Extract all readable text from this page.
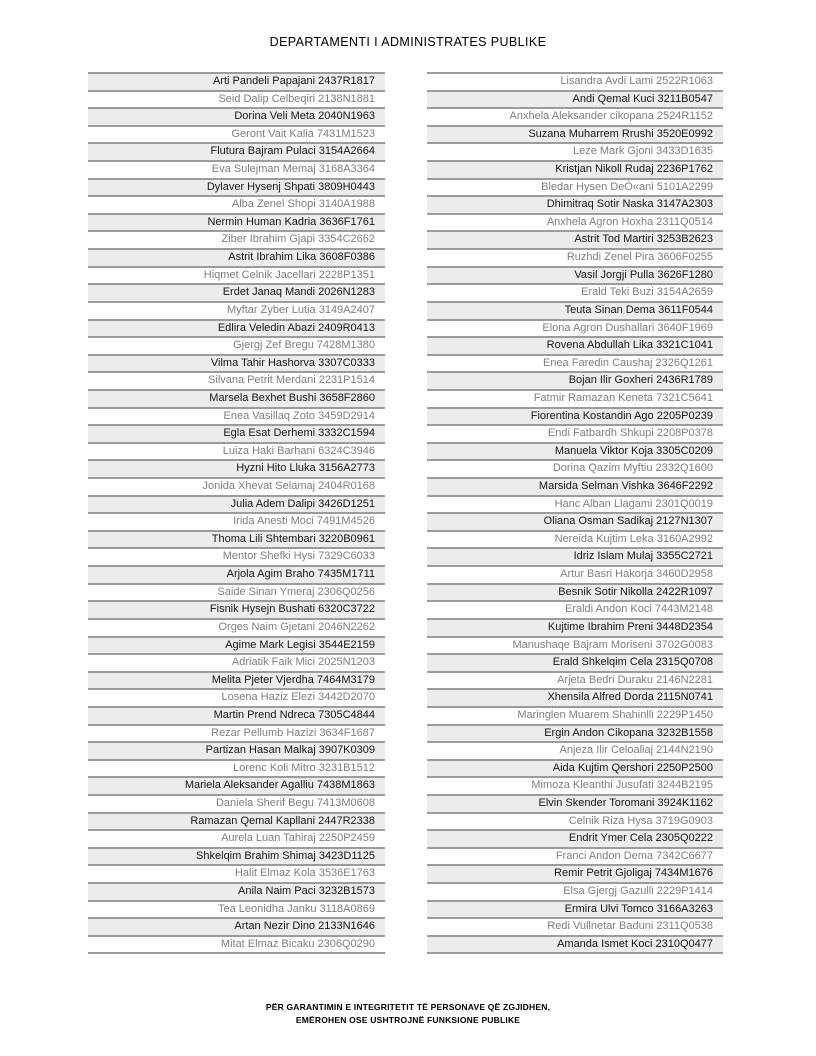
DEPARTAMENTI I ADMINISTRATES PUBLIKE
Arti Pandeli Papajani 2437R1817
Seid Dalip Celbeqiri 2138N1881
Dorina Veli Meta 2040N1963
Geront Vait Kalia 7431M1523
Flutura Bajram Pulaci 3154A2664
Eva Sulejman Memaj 3168A3364
Dylaver Hysenj Shpati 3809H0443
Alba Zenel Shopi 3140A1988
Nermin Human Kadria 3636F1761
Ziber Ibrahim Gjapi 3354C2662
Astrit Ibrahim Lika 3608F0386
Hiqmet Celnik Jacellari 2228P1351
Erdet Janaq Mandi 2026N1283
Myftar Zyber Lutia 3149A2407
Edlira Veledin Abazi 2409R0413
Gjergj Zef Bregu 7428M1380
Vilma Tahir Hashorva 3307C0333
Silvana Petrit Merdani 2231P1514
Marsela Bexhet Bushi 3658F2860
Enea Vasillaq Zoto 3459D2914
Egla Esat Derhemi 3332C1594
Luiza Haki Barhani 6324C3946
Hyzni Hito Lluka 3156A2773
Jonida Xhevat Selamaj 2404R0168
Julia Adem Dalipi 3426D1251
Irida Anesti Moci 7491M4526
Thoma Lili Shtembari 3220B0961
Mentor Shefki Hysi 7329C6033
Arjola Agim Braho 7435M1711
Saide Sinan Ymeraj 2306Q0256
Fisnik Hysejn Bushati 6320C3722
Orges Naim Gjetani 2046N2262
Agime Mark Legisi 3544E2159
Adriatik Faik Mici 2025N1203
Melita Pjeter Vjerdha 7464M3179
Losena Haziz Elezi 3442D2070
Martin Prend Ndreca 7305C4844
Rezar Pellumb Hazizi 3634F1687
Partizan Hasan Malkaj 3907K0309
Lorenc Koli Mitro 3231B1512
Mariela Aleksander Agalliu 7438M1863
Daniela Sherif Begu 7413M0608
Ramazan Qemal Kapllani 2447R2338
Aurela Luan Tahiraj 2250P2459
Shkelqim Brahim Shimaj 3423D1125
Halit Elmaz Kola 3536E1763
Anila Naim Paci 3232B1573
Tea Leonidha Janku 3118A0869
Artan Nezir Dino 2133N1646
Mitat Elmaz Bicaku 2306Q0290
Lisandra Avdi Lami 2522R1063
Andi Qemal Kuci 3211B0547
Anxhela Aleksander cikopana 2524R1152
Suzana Muharrem Rrushi 3520E0992
Leze Mark Gjoni 3433D1635
Kristjan Nikoll Rudaj 2236P1762
Bledar Hysen DeÒ«ani 5101A2299
Dhimitraq Sotir Naska 3147A2303
Anxhela Agron Hoxha 2311Q0514
Astrit Tod Martiri 3253B2623
Ruzhdi Zenel Pira 3606F0255
Vasil Jorgji Pulla 3626F1280
Erald Teki Buzi 3154A2659
Teuta Sinan Dema 3611F0544
Elona Agron Dushallari 3640F1969
Rovena Abdullah Lika 3321C1041
Enea Faredin Caushaj 2326Q1261
Bojan Ilir Goxheri 2436R1789
Fatmir Ramazan Keneta 7321C5641
Fiorentina Kostandin Ago 2205P0239
Endi Fatbardh Shkupi 2208P0378
Manuela Viktor Koja 3305C0209
Dorina Qazim Myftiu 2332Q1600
Marsida Selman Vishka 3646F2292
Hanc Alban Llagami 2301Q0019
Oliana Osman Sadikaj 2127N1307
Nereida Kujtim Leka 3160A2992
Idriz Islam Mulaj 3355C2721
Artur Basri Hakorja 3460D2958
Besnik Sotir Nikolla 2422R1097
Eraldi Andon Koci 7443M2148
Kujtime Ibrahim Preni 3448D2354
Manushaqe Bajram Moriseni 3702G0083
Erald Shkelqim Cela 2315Q0708
Arjeta Bedri Duraku 2146N2281
Xhensila Alfred Dorda 2115N0741
Maringlen Muarem Shahinlli 2229P1450
Ergin Andon Cikopana 3232B1558
Anjeza Ilir Celoaliaj 2144N2190
Aida Kujtim Qershori 2250P2500
Mimoza Kleanthi Jusufati 3244B2195
Elvin Skender Toromani 3924K1162
Celnik Riza Hysa 3719G0903
Endrit Ymer Cela 2305Q0222
Franci Andon Dema 7342C6677
Remir Petrit Gjoligaj 7434M1676
Elsa Gjergj Gazulli 2229P1414
Ermira Ulvi Tomco 3166A3263
Redi Vullnetar Baduni 2311Q0538
Amanda Ismet Koci 2310Q0477
PËR GARANTIMIN E INTEGRITETIT TË PERSONAVE QË ZGJIDHEN,
EMËROHEN OSE USHTROJNË FUNKSIONE PUBLIKE
